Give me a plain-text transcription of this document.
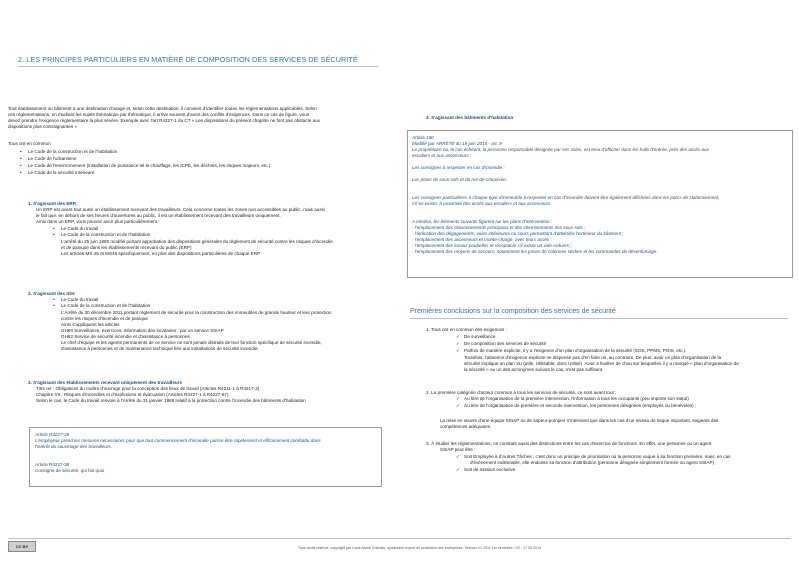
2. LES PRINCIPES PARTICULIERS EN MATIÈRE DE COMPOSITION DES SERVICES DE SÉCURITÉ
Tout établissement ou bâtiment à une destination d'usage et, selon cette destination, il convient d'identifier toutes les réglementations applicables. Selon
ces réglementations, en étudiant les sujets thématique par thématique, il arrive souvent d'avoir des conflits d'exigences. Dans ce cas de figure, vous
devez prendre l'exigence réglementaire la plus sévère. Exemple avec l'art R4227-1 du CT « Les dispositions du présent chapitre ne font pas obstacle aux
dispositions plus contraignantes »
Tous ont en commun
• Le Code de la construction et de l'habitation
• Le Code de l'urbanisme
• Le Code de l'environnement (installation de puissance tel le chauffage, les ICPE, les déchets, les risques majeurs, etc.)
• Le Code de la sécurité intérieure
1. S'agissant des ERP,
Un ERP est avant tout aussi un établissement recevant des travailleurs. Cela concerne toutes les zones non accessibles au public, mais aussi
le fait que, en dehors de ses heures d'ouvertures au public, il est un établissement recevant des travailleurs uniquement.
Ainsi dans un ERP, vous pouvez avoir plus particulièrement :
• Le Code du travail
• Le Code de la construction et de l'habitation
L'arrêté du 25 juin 1980 modifié portant approbation des dispositions générales du règlement de sécurité contre les risques d'incendie
et de panique dans les établissements recevant du public (ERP)
Les articles MS 45 et MS46 spécifiquement, en plus des dispositions particulières de chaque ERP
2. S'agissant des IGH
• Le Code du travail
• Le Code de la construction et de l'habitation
L'Arrêté du 30 décembre 2011 portant règlement de sécurité pour la construction des immeubles de grande hauteur et leur protection
contre les risques d'incendie et de panique
Ainsi s'appliquent les articles
GH60 Surveillance, exercices, information des locataires : par un service SSIAP
GH62 Service de sécurité incendie et d'assistance à personnes
Le chef d'équipe et les agents permanents de ce service ne sont jamais distraits de leur fonction spécifique de sécurité incendie,
d'assistance à personnes et de maintenance technique liée aux installations de sécurité incendie.
3. S'agissant des établissements recevant uniquement des travailleurs
Titre Ier : Obligations du maître d'ouvrage pour la conception des lieux de travail (Articles R4211-1 à R4217-2)
Chapitre VII : Risques d'incendies et d'explosions et évacuation (Articles R4227-1 à R4227-57)
Selon le cas, le Code du travail renvoie à l'Arrêté du 31 janvier 1986 relatif à la protection contre l'incendie des bâtiments d'habitation
Article R4227-28
L'employeur prend les mesures nécessaires pour que tout commencement d'incendie puisse être rapidement et efficacement combattu dans
l'intérêt du sauvetage des travailleurs.
Article R4227-38
Consigne de sécurité, qui fait quoi
4. S'agissant des bâtiments d'habitation
Article 100
Modifié par ARRÊTÉ du 19 juin 2015 - art. 9
Le propriétaire ou, le cas échéant, la personne responsable désignée par ses soins, est tenu d'afficher dans les halls d'entrée, près des accès aux
escaliers et aux ascenseurs :
Les consignes à respecter en cas d'incendie ;
Les plans de sous-sols et du rez-de-chaussée;
Les consignes particulières à chaque type d'immeuble à respecter en cas d'incendie doivent être également affichées dans les parcs de stationnement,
s'il en existe, à proximité des accès aux escaliers et aux ascenseurs.
A minima, les éléments suivants figurent sur les plans d'intervention :
- l'emplacement des cloisonnements principaux et des cheminements des sous-sols ;
- l'indication des dégagements, voies intérieures ou cours permettant d'atteindre l'extérieur du bâtiment ;
- l'emplacement des ascenseurs et monte-charge, avec leurs accès ;
- l'emplacement des locaux poubelles et réceptacle s'il existe un vide-ordures ;
- l'emplacement des moyens de secours, notamment les prises de colonnes sèches et les commandes de désenfumage.
Premières conclusions sur la composition des services de sécurité
1. Tous ont en commun des exigences :
✓ De surveillance
✓ De composition des services de sécurité
✓ Parfois de manière explicite, il y a l'exigence d'un plan d'organisation de la sécurité (SOS, PPMS, POIS, etc.).
Toutefois, l'absence d'exigence explicite ne dispense pas d'en faire un, au contraire. De plus, avoir un plan d'organisation de la
sécurité implique un plan 3U (utile, Utilisable, donc Utilisé). Avoir 3 feuilles de chou sur lesquelles il y a marqué « plan d'organisation de
la sécurité » ou un des acronymes suivant le cas, n'est pas suffisant.
2. La première catégorie d'acteur commun à tous les services de sécurité, ce sont avant tout :
✓ Au titre de l'organisation de la première intervention, l'information à tous les occupants (peu importe son statut)
✓ Au titre de l'organisation de première et seconde intervention, les personnes désignées (employés ou bénévoles) ;
La mise en œuvre d'une équipe SSIAP ou de sapeur-pompier n'intervient que dans les cas d'un niveau de risque important, exigeant des
compétences adéquates.
3. À étudier les réglementations, on constate aussi des distinctions entre les cas d'exercice de fonctions. En effet, une personne ou un agent
SSIAP peut être :
✓ Soit Employée à d'Autres Tâches ; c'est donc un principe de priorisation où la personne vaque à sa fonction première, mais, en cas
d'événement indésirable, elle endosse sa fonction d'attribution (personne désignée simplement formée ou agent SSIAP)
✓ Soit de mission exclusive
CC BY	Tous droits réservé, copyright par Louis-Marie Chénais, syndiniden expert en protection des entreprises. Version V1 2011 1er semestre / V2 : 17 05 2014
